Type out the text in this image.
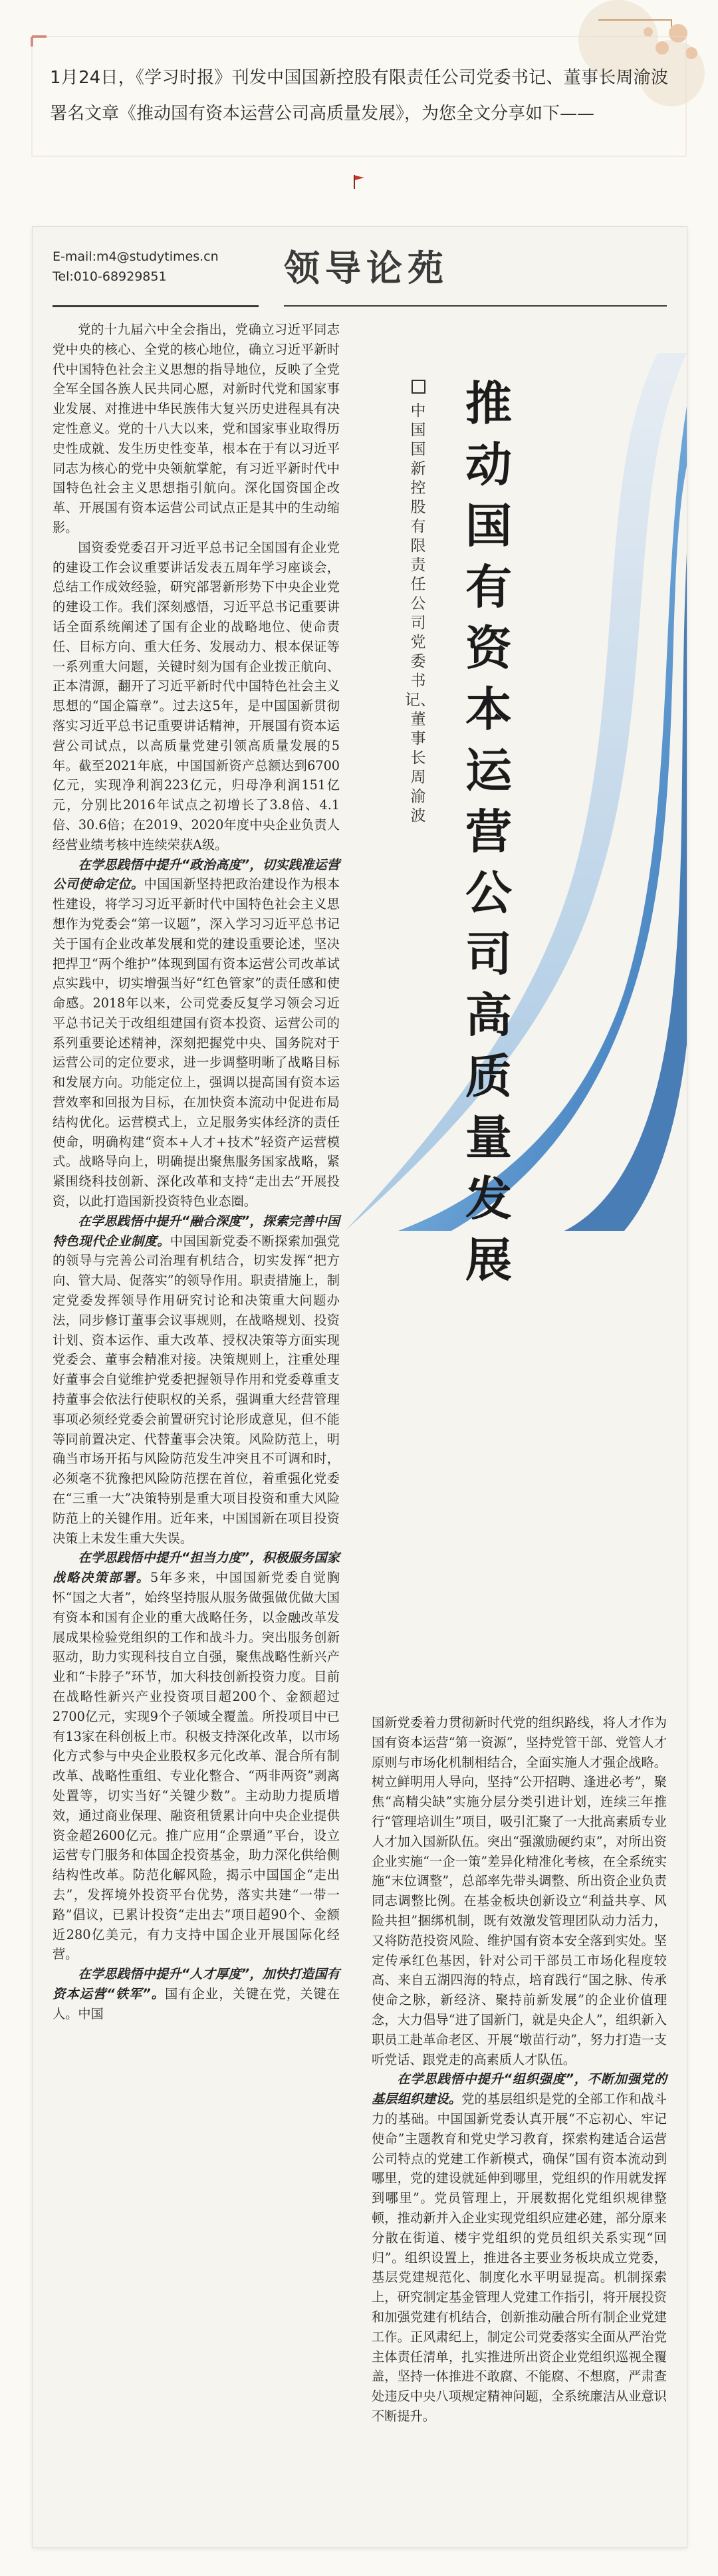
1月24日，《学习时报》刊发中国国新控股有限责任公司党委书记、董事长周渝波署名文章《推动国有资本运营公司高质量发展》，为您全文分享如下——
E-mail:m4@studytimes.cn
Tel:010-68929851	领导论苑
推动国有资本运营公司高质量发展
中国国新控股有限责任公司党委书记、董事长　周渝波

党的十九届六中全会指出，党确立习近平同志党中央的核心、全党的核心地位，确立习近平新时代中国特色社会主义思想的指导地位，反映了全党全军全国各族人民共同心愿，对新时代党和国家事业发展、对推进中华民族伟大复兴历史进程具有决定性意义。党的十八大以来，党和国家事业取得历史性成就、发生历史性变革，根本在于有以习近平同志为核心的党中央领航掌舵，有习近平新时代中国特色社会主义思想指引航向。深化国资国企改革、开展国有资本运营公司试点正是其中的生动缩影。

国资委党委召开习近平总书记全国国有企业党的建设工作会议重要讲话发表五周年学习座谈会，总结工作成效经验，研究部署新形势下中央企业党的建设工作。我们深刻感悟，习近平总书记重要讲话全面系统阐述了国有企业的战略地位、使命责任、目标方向、重大任务、发展动力、根本保证等一系列重大问题，关键时刻为国有企业拨正航向、正本清源，翻开了习近平新时代中国特色社会主义思想的“国企篇章”。过去这5年，是中国国新贯彻落实习近平总书记重要讲话精神，开展国有资本运营公司试点，以高质量党建引领高质量发展的5年。截至2021年底，中国国新资产总额达到6700亿元，实现净利润223亿元，归母净利润151亿元，分别比2016年试点之初增长了3.8倍、4.1倍、30.6倍；在2019、2020年度中央企业负责人经营业绩考核中连续荣获A级。

在学思践悟中提升“政治高度”，切实践准运营公司使命定位。中国国新坚持把政治建设作为根本性建设，将学习习近平新时代中国特色社会主义思想作为党委会“第一议题”，深入学习习近平总书记关于国有企业改革发展和党的建设重要论述，坚决把捍卫“两个维护”体现到国有资本运营公司改革试点实践中，切实增强当好“红色管家”的责任感和使命感。2018年以来，公司党委反复学习领会习近平总书记关于改组组建国有资本投资、运营公司的系列重要论述精神，深刻把握党中央、国务院对于运营公司的定位要求，进一步调整明晰了战略目标和发展方向。功能定位上，强调以提高国有资本运营效率和回报为目标，在加快资本流动中促进布局结构优化。运营模式上，立足服务实体经济的责任使命，明确构建“资本+人才+技术”轻资产运营模式。战略导向上，明确提出聚焦服务国家战略，紧紧围绕科技创新、深化改革和支持“走出去”开展投资，以此打造国新投资特色业态圈。

在学思践悟中提升“融合深度”，探索完善中国特色现代企业制度。中国国新党委不断探索加强党的领导与完善公司治理有机结合，切实发挥“把方向、管大局、促落实”的领导作用。职责措施上，制定党委发挥领导作用研究讨论和决策重大问题办法，同步修订董事会议事规则，在战略规划、投资计划、资本运作、重大改革、授权决策等方面实现党委会、董事会精准对接。决策规则上，注重处理好董事会自觉维护党委把握领导作用和党委尊重支持董事会依法行使职权的关系，强调重大经营管理事项必须经党委会前置研究讨论形成意见，但不能等同前置决定、代替董事会决策。风险防范上，明确当市场开拓与风险防范发生冲突且不可调和时，必须毫不犹豫把风险防范摆在首位，着重强化党委在“三重一大”决策特别是重大项目投资和重大风险防范上的关键作用。近年来，中国国新在项目投资决策上未发生重大失误。

在学思践悟中提升“担当力度”，积极服务国家战略决策部署。5年多来，中国国新党委自觉胸怀“国之大者”，始终坚持服从服务做强做优做大国有资本和国有企业的重大战略任务，以金融改革发展成果检验党组织的工作和战斗力。突出服务创新驱动，助力实现科技自立自强，聚焦战略性新兴产业和“卡脖子”环节，加大科技创新投资力度。目前在战略性新兴产业投资项目超200个、金额超过2700亿元，实现9个子领域全覆盖。所投项目中已有13家在科创板上市。积极支持深化改革，以市场化方式参与中央企业股权多元化改革、混合所有制改革、战略性重组、专业化整合、“两非两资”剥离处置等，切实当好“关键少数”。主动助力提质增效，通过商业保理、融资租赁累计向中央企业提供资金超2600亿元。推广应用“企票通”平台，设立运营专门服务和体国企投资基金，助力深化供给侧结构性改革。防范化解风险，揭示中国国企“走出去”，发挥境外投资平台优势，落实共建“一带一路”倡议，已累计投资“走出去”项目超90个、金额近280亿美元，有力支持中国企业开展国际化经营。

在学思践悟中提升“人才厚度”，加快打造国有资本运营“铁军”。国有企业，关键在党，关键在人。中国

国新党委着力贯彻新时代党的组织路线，将人才作为国有资本运营“第一资源”，坚持党管干部、党管人才原则与市场化机制相结合，全面实施人才强企战略。树立鲜明用人导向，坚持“公开招聘、逢进必考”，聚焦“高精尖缺”实施分层分类引进计划，连续三年推行“管理培训生”项目，吸引汇聚了一大批高素质专业人才加入国新队伍。突出“强激励硬约束”，对所出资企业实施“一企一策”差异化精准化考核，在全系统实施“末位调整”，总部率先带头调整、所出资企业负责同志调整比例。在基金板块创新设立“利益共享、风险共担”捆绑机制，既有效激发管理团队动力活力，又将防范投资风险、维护国有资本安全落到实处。坚定传承红色基因，针对公司干部员工市场化程度较高、来自五湖四海的特点，培育践行“国之脉、传承使命之脉，新经济、聚持前新发展”的企业价值理念，大力倡导“进了国新门，就是央企人”，组织新入职员工赴革命老区、开展“墩苗行动”，努力打造一支听党话、跟党走的高素质人才队伍。

在学思践悟中提升“组织强度”，不断加强党的基层组织建设。党的基层组织是党的全部工作和战斗力的基础。中国国新党委认真开展“不忘初心、牢记使命”主题教育和党史学习教育，探索构建适合运营公司特点的党建工作新模式，确保“国有资本流动到哪里，党的建设就延伸到哪里，党组织的作用就发挥到哪里”。党员管理上，开展数据化党组织规律整顿，推动新并入企业实现党组织应建必建，部分原来分散在街道、楼宇党组织的党员组织关系实现“回归”。组织设置上，推进各主要业务板块成立党委，基层党建规范化、制度化水平明显提高。机制探索上，研究制定基金管理人党建工作指引，将开展投资和加强党建有机结合，创新推动融合所有制企业党建工作。正风肃纪上，制定公司党委落实全面从严治党主体责任清单，扎实推进所出资企业党组织巡视全覆盖，坚持一体推进不敢腐、不能腐、不想腐，严肃查处违反中央八项规定精神问题，全系统廉洁从业意识不断提升。
